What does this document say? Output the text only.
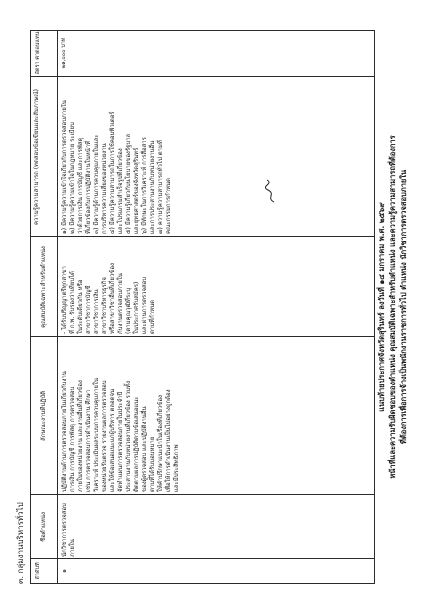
๓. กลุ่มงานบริหารทั่วไป	ลำดับที่
ชื่อตำแหน่ง
ลักษณะงานที่ปฏิบัติ
คุณสมบัติเฉพาะสำหรับตำแหน่ง
ความรู้ความสามารถ (ทดสอบข้อเขียนและสัมภาษณ์)
อัตรา ค่าตอบแทน
๑
นักวิชาการตรวจสอบภายใน
ปฏิบัติงานด้านการตรวจสอบภายในเกี่ยวกับงาน การเงิน การบัญชี การพัสดุ การตรวจสอบ ภายในของหน่วยงาน และงานอื่นที่เกี่ยวข้อง เช่น การตรวจสอบการดำเนินงาน ศึกษา วิเคราะห์ ประเมินผลระบบการควบคุมภายใน ของหน่วยรับตรวจ รายงานผลการตรวจสอบ และให้ข้อเสนอแนะแก่ผู้บริหาร ตลอดจน จัดทำแผนการตรวจสอบภายในประจำปี ประสานงานกับหน่วยงานที่เกี่ยวข้อง รวมทั้ง ติดตามผลการปฏิบัติตามข้อเสนอแนะ ของผู้ตรวจสอบ และปฏิบัติงานอื่น ตามที่ได้รับมอบหมาย ให้คำปรึกษาแนะนำในเรื่องที่เกี่ยวข้อง เพื่อให้การดำเนินงานเป็นไปอย่างถูกต้อง และมีประสิทธิภาพ
- ได้รับปริญญาตรีทุกสาขา ที่ ก.พ. รับรองว่าเทียบได้ ในระดับเดียวกัน หรือ สาขาวิชาการบัญชี สาขาวิชาการเงิน สาขาวิชาบริหารธุรกิจ หรือสาขาวิชาอื่นที่เกี่ยวข้อง กับงานตรวจสอบภายใน (ตามคุณวุฒิที่ระบุ ในประกาศรับสมัคร) และผ่านการตรวจสอบ ตามที่กำหนด
๑) มีความรู้ความเข้าใจเกี่ยวกับการตรวจสอบภายใน ๒) มีความรู้ความเข้าใจในกฎหมาย ระเบียบ ว่าด้วยการเงิน การบัญชี และการพัสดุ ที่เกี่ยวข้องกับการปฏิบัติงานในหน้าที่ ๓) มีความรู้ด้านการควบคุมภายในและ การบริหารความเสี่ยงของหน่วยงาน ๔) มีความรู้ความสามารถในการใช้คอมพิวเตอร์ และโปรแกรมสำเร็จรูปที่เกี่ยวข้อง ๕) มีความรู้เกี่ยวกับนโยบายของรัฐบาล และยุทธศาสตร์ของจังหวัดสุรินทร์ ๖) มีทักษะในการวิเคราะห์ การสื่อสาร และการประสานงานกับหน่วยงานอื่น ๗) ความรู้ความสามารถทั่วไป ตามที่ คณะกรรมการกำหนด
๒๑,๐๐๐ บาท
แนบท้ายประกาศจังหวัดสุรินทร์ ลงวันที่ ๑๔ มกราคม พ.ศ. ๒๕๖๙ หน้าที่และความรับผิดชอบของตำแหน่ง คุณสมบัติเฉพาะสำหรับตำแหน่ง และความรู้ความสามารถที่ต้องการ ที่ต้องการเพื่อการจ้างเป็นพนักงานราชการทั่วไป ตำแหน่ง นักวิชาการตรวจสอบภายใน
